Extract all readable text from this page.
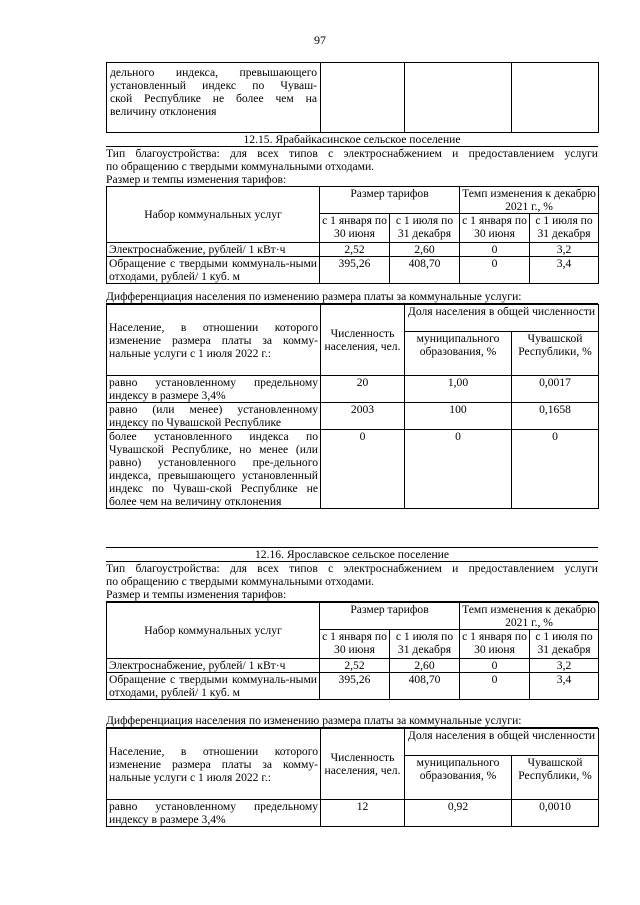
97
дельного индекса, превышающего
установленный индекс по Чуваш-
ской Республике не более чем на
величину отклонения

12.15. Ярабайкасинское сельское поселение
Тип благоустройства: для всех типов с электроснабжением и предоставлением услуги
по обращению с твердыми коммунальными отходами.
Размер и темпы изменения тарифов:
Набор коммунальных услуг	Размер тарифов		Темп изменения к декабрю 2021 г., %	
	с 1 января по 30 июня	с 1 июля по 31 декабря	с 1 января по 30 июня	с 1 июля по 31 декабря
Электроснабжение, рублей/ 1 кВт·ч	2,52	2,60	0	3,2
Обращение с твердыми коммуналь-ными отходами, рублей/ 1 куб. м	395,26	408,70	0	3,4
Дифференциация населения по изменению размера платы за коммунальные услуги:
Население, в отношении которого изменение размера платы за комму-нальные услуги с 1 июля 2022 г.:	Численность населения, чел.	Доля населения в общей численности	
		муниципального образования, %	Чувашской Республики, %
равно установленному предельному индексу в размере 3,4%	20	1,00	0,0017
равно (или менее) установленному индексу по Чувашской Республике	2003	100	0,1658
более установленного индекса по Чувашской Республике, но менее (или равно) установленного пре-дельного индекса, превышающего установленный индекс по Чуваш-ской Республике не более чем на величину отклонения	0	0	0
12.16. Ярославское сельское поселение
Тип благоустройства: для всех типов с электроснабжением и предоставлением услуги
по обращению с твердыми коммунальными отходами.
Размер и темпы изменения тарифов:
Набор коммунальных услуг	Размер тарифов		Темп изменения к декабрю 2021 г., %	
	с 1 января по 30 июня	с 1 июля по 31 декабря	с 1 января по 30 июня	с 1 июля по 31 декабря
Электроснабжение, рублей/ 1 кВт·ч	2,52	2,60	0	3,2
Обращение с твердыми коммуналь-ными отходами, рублей/ 1 куб. м	395,26	408,70	0	3,4
Дифференциация населения по изменению размера платы за коммунальные услуги:
Население, в отношении которого изменение размера платы за комму-нальные услуги с 1 июля 2022 г.:	Численность населения, чел.	Доля населения в общей численности	
		муниципального образования, %	Чувашской Республики, %
равно установленному предельному индексу в размере 3,4%	12	0,92	0,0010
